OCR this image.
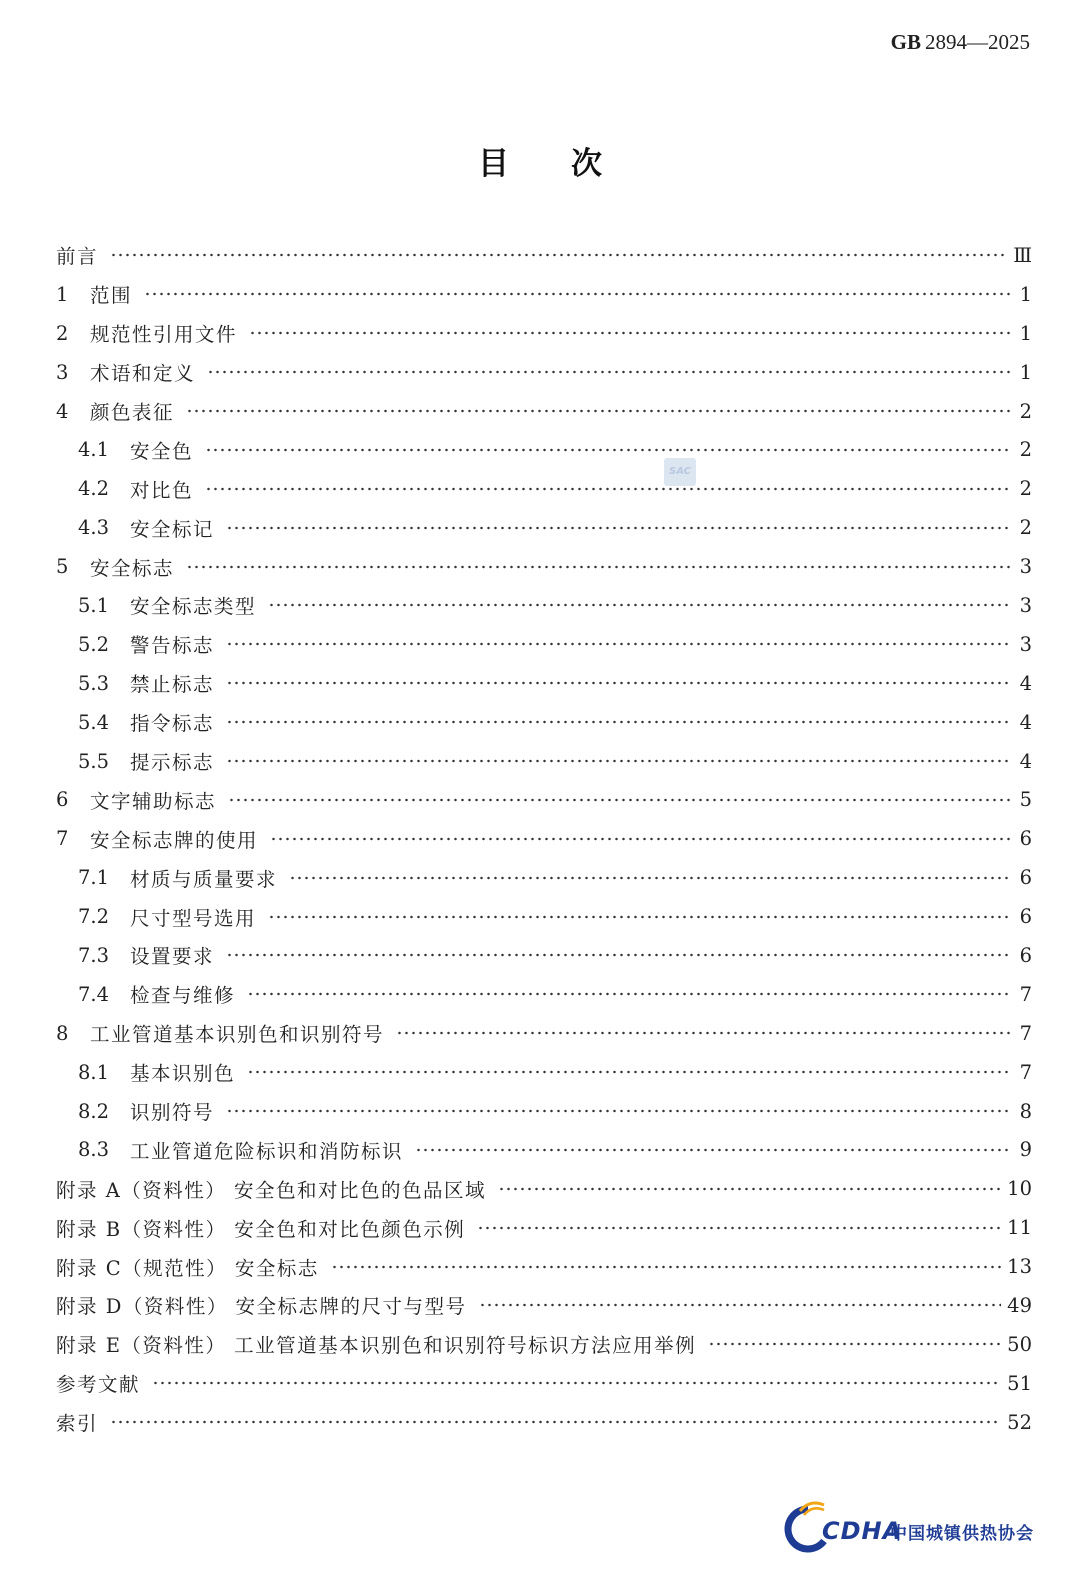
GB 2894—2025
目次
SAC
前言	Ⅲ
1	范围	1
2	规范性引用文件	1
3	术语和定义	1
4	颜色表征	2
4.1	安全色	2
4.2	对比色	2
4.3	安全标记	2
5	安全标志	3
5.1	安全标志类型	3
5.2	警告标志	3
5.3	禁止标志	4
5.4	指令标志	4
5.5	提示标志	4
6	文字辅助标志	5
7	安全标志牌的使用	6
7.1	材质与质量要求	6
7.2	尺寸型号选用	6
7.3	设置要求	6
7.4	检查与维修	7
8	工业管道基本识别色和识别符号	7
8.1	基本识别色	7
8.2	识别符号	8
8.3	工业管道危险标识和消防标识	9
附录 A（资料性） 安全色和对比色的色品区域	10
附录 B（资料性） 安全色和对比色颜色示例	11
附录 C（规范性） 安全标志	13
附录 D（资料性） 安全标志牌的尺寸与型号	49
附录 E（资料性） 工业管道基本识别色和识别符号标识方法应用举例	50
参考文献	51
索引	52
CDHA
中国城镇供热协会
